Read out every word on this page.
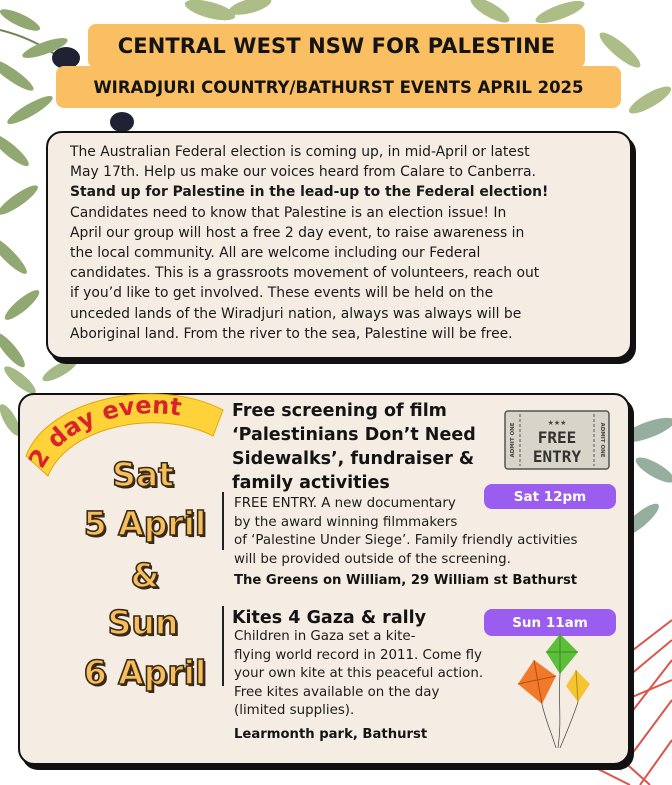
CENTRAL WEST NSW FOR PALESTINE
WIRADJURI COUNTRY/BATHURST EVENTS APRIL 2025
The Australian Federal election is coming up, in mid-April or latest
May 17th. Help us make our voices heard from Calare to Canberra.
Stand up for Palestine in the lead-up to the Federal election!
Candidates need to know that Palestine is an election issue! In
April our group will host a free 2 day event, to raise awareness in
the local community. All are welcome including our Federal
candidates. This is a grassroots movement of volunteers, reach out
if you’d like to get involved. These events will be held on the
unceded lands of the Wiradjuri nation, always was always will be
Aboriginal land. From the river to the sea, Palestine will be free.
2 day event
Sat
5 April
&
Sun
6 April
Free screening of film
‘Palestinians Don’t Need
Sidewalks’, fundraiser &
family activities
★★★
FREE
ENTRY
ADMIT ONE	ADMIT ONE
Sat 12pm
FREE ENTRY. A new documentary
by the award winning filmmakers
of ‘Palestine Under Siege’. Family friendly activities
will be provided outside of the screening.
The Greens on William, 29 William st Bathurst
Kites 4 Gaza & rally	Sun 11am
Children in Gaza set a kite-
flying world record in 2011. Come fly
your own kite at this peaceful action.
Free kites available on the day
(limited supplies).
Learmonth park, Bathurst
